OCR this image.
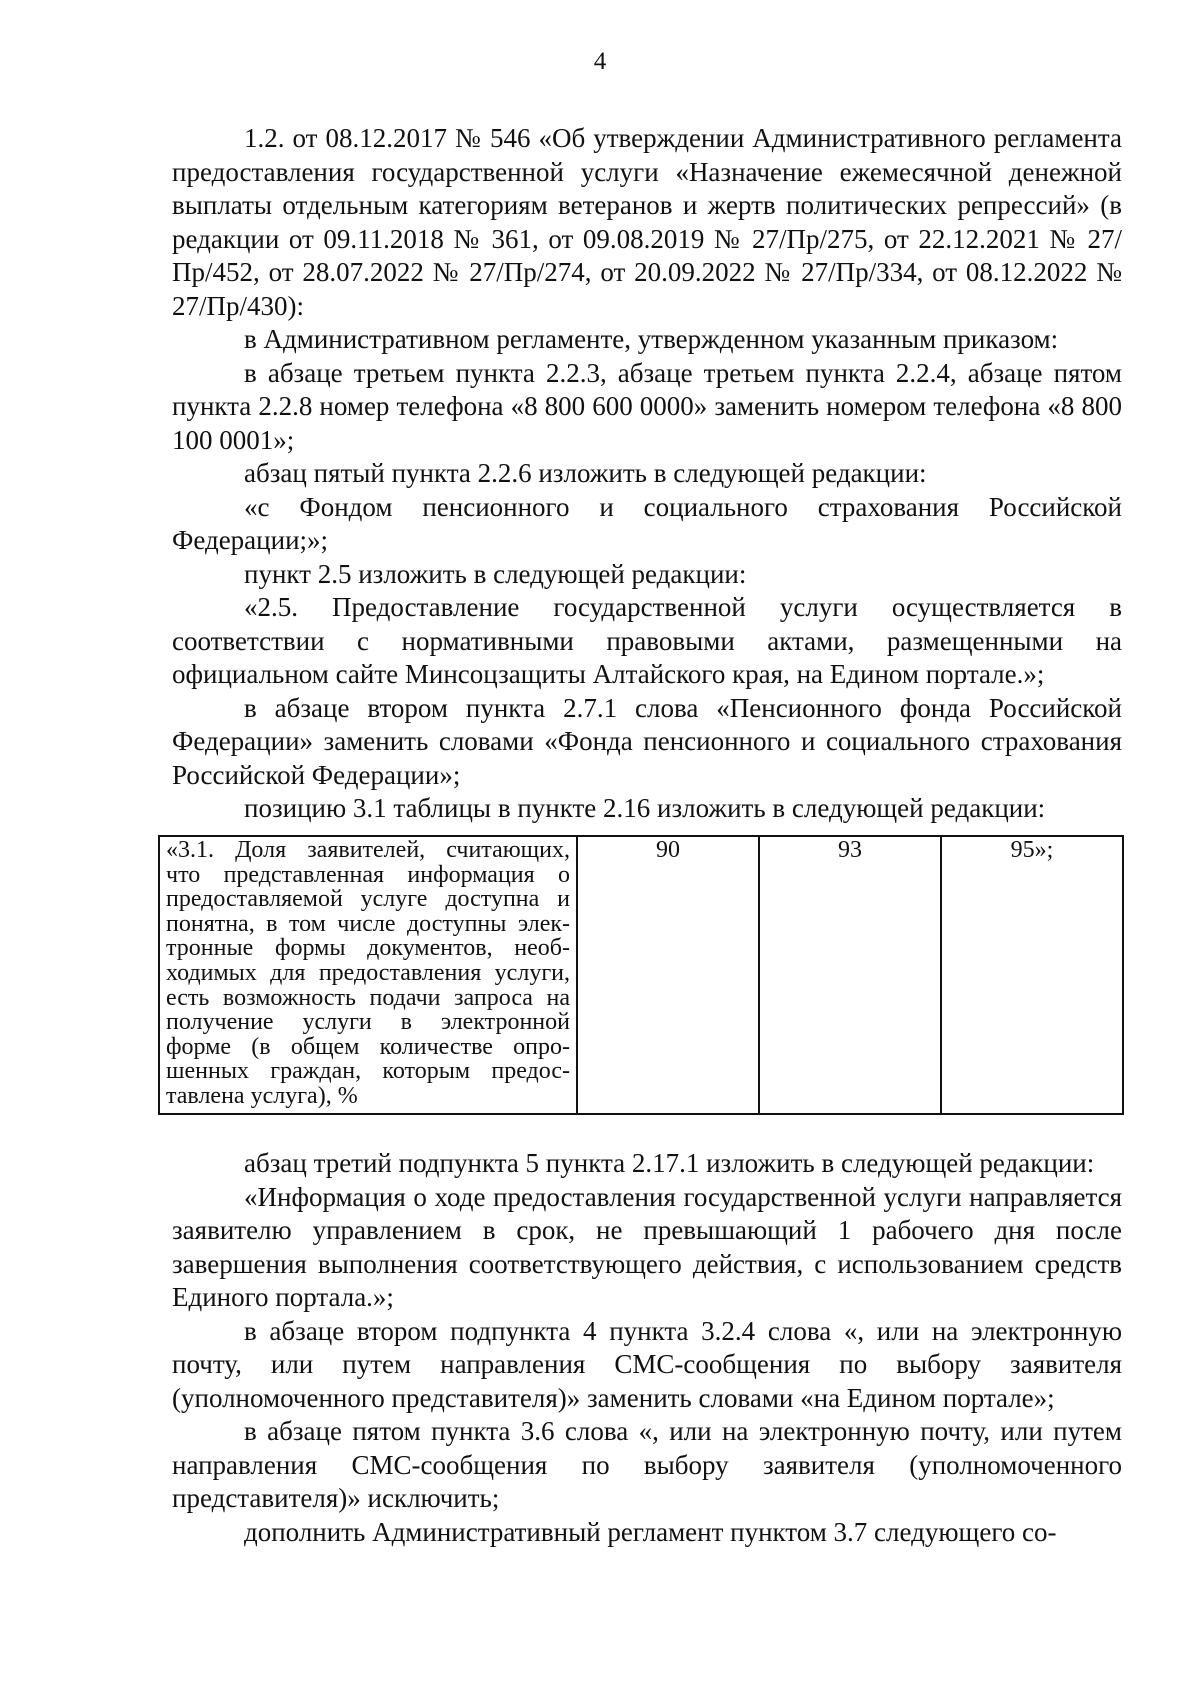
4

1.2. от 08.12.2017 № 546 «Об утверждении Административного регламента предоставления государственной услуги «Назначение ежемесячной денежной выплаты отдельным категориям ветеранов и жертв политических репрессий» (в редакции от 09.11.2018 № 361, от 09.08.2019 № 27/Пр/275, от 22.12.2021 № 27/Пр/452, от 28.07.2022 № 27/Пр/274, от 20.09.2022 № 27/Пр/334, от 08.12.2022 № 27/Пр/430):

в Административном регламенте, утвержденном указанным приказом:

в абзаце третьем пункта 2.2.3, абзаце третьем пункта 2.2.4, абзаце пятом пункта 2.2.8 номер телефона «8 800 600 0000» заменить номером телефона «8 800 100 0001»;

абзац пятый пункта 2.2.6 изложить в следующей редакции:

«с Фондом пенсионного и социального страхования Российской Федерации;»;

пункт 2.5 изложить в следующей редакции:

«2.5. Предоставление государственной услуги осуществляется в соответствии с нормативными правовыми актами, размещенными на официальном сайте Минсоцзащиты Алтайского края, на Едином портале.»;

в абзаце втором пункта 2.7.1 слова «Пенсионного фонда Российской Федерации» заменить словами «Фонда пенсионного и социального страхования Российской Федерации»;

позицию 3.1 таблицы в пункте 2.16 изложить в следующей редакции:

«3.1. Доля заявителей, считающих,
что представленная информация о
предоставляемой услуге доступна и
понятна, в том числе доступны элек-
тронные формы документов, необ-
ходимых для предоставления услуги,
есть возможность подачи запроса на
получение услуги в электронной
форме (в общем количестве опро-
шенных граждан, которым предос-
тавлена услуга), %
	90	93	95»;

абзац третий подпункта 5 пункта 2.17.1 изложить в следующей редакции:

«Информация о ходе предоставления государственной услуги направляется заявителю управлением в срок, не превышающий 1 рабочего дня после завершения выполнения соответствующего действия, с использованием средств Единого портала.»;

в абзаце втором подпункта 4 пункта 3.2.4 слова «, или на электронную почту, или путем направления СМС-сообщения по выбору заявителя (уполномоченного представителя)» заменить словами «на Едином портале»;

в абзаце пятом пункта 3.6 слова «, или на электронную почту, или путем направления СМС-сообщения по выбору заявителя (уполномоченного представителя)» исключить;

дополнить Административный регламент пунктом 3.7 следующего со-
